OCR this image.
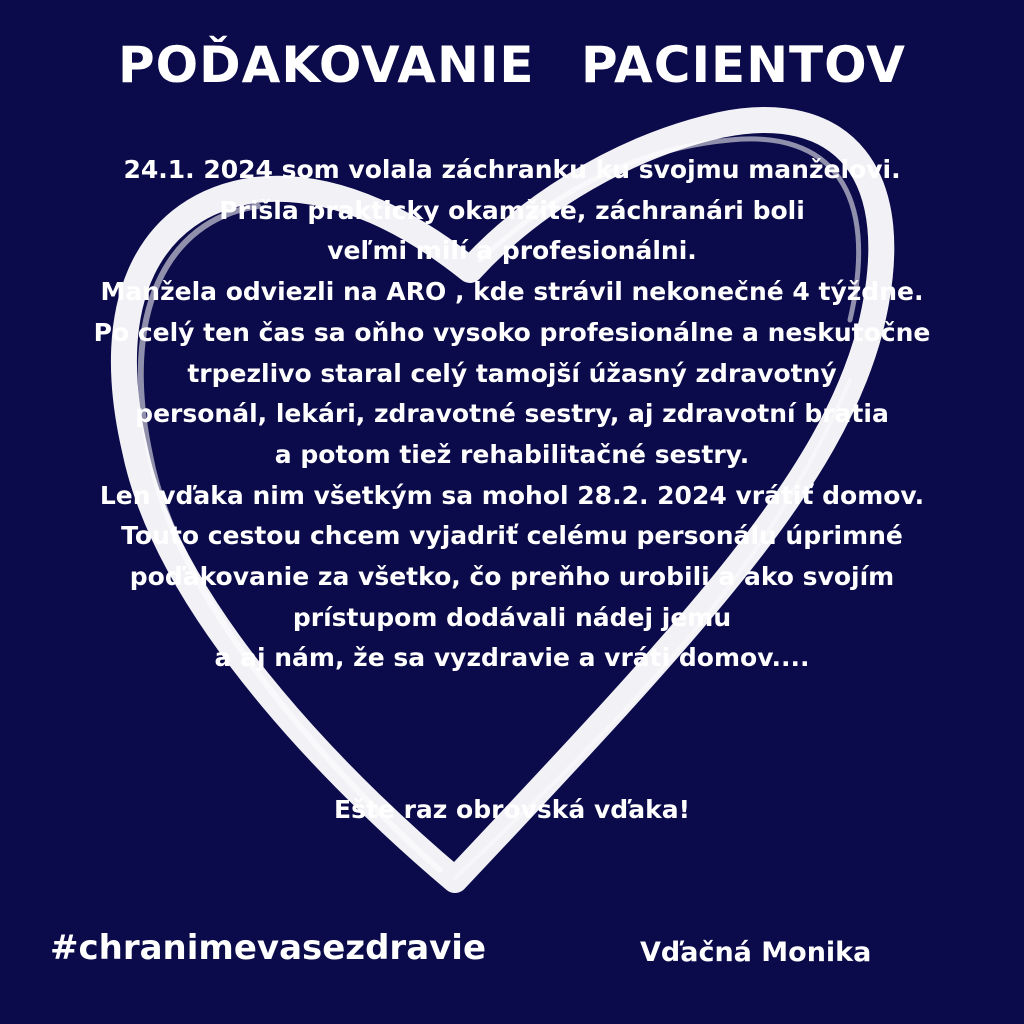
POĎAKOVANIE PACIENTOV
24.1. 2024 som volala záchranku ku svojmu manželovi.
Prišla prakticky okamžite, záchranári boli
veľmi milí a profesionálni.
Manžela odviezli na ARO , kde strávil nekonečné 4 týždne.
Po celý ten čas sa oňho vysoko profesionálne a neskutočne
trpezlivo staral celý tamojší úžasný zdravotný
personál, lekári, zdravotné sestry, aj zdravotní bratia
a potom tiež rehabilitačné sestry.
Len vďaka nim všetkým sa mohol 28.2. 2024 vrátiť domov.
Touto cestou chcem vyjadriť celému personálu úprimné
poďakovanie za všetko, čo preňho urobili a ako svojím
prístupom dodávali nádej jemu
a aj nám, že sa vyzdravie a vráti domov....
Ešte raz obrovská vďaka!
#chranimevasezdravie	Vďačná Monika
